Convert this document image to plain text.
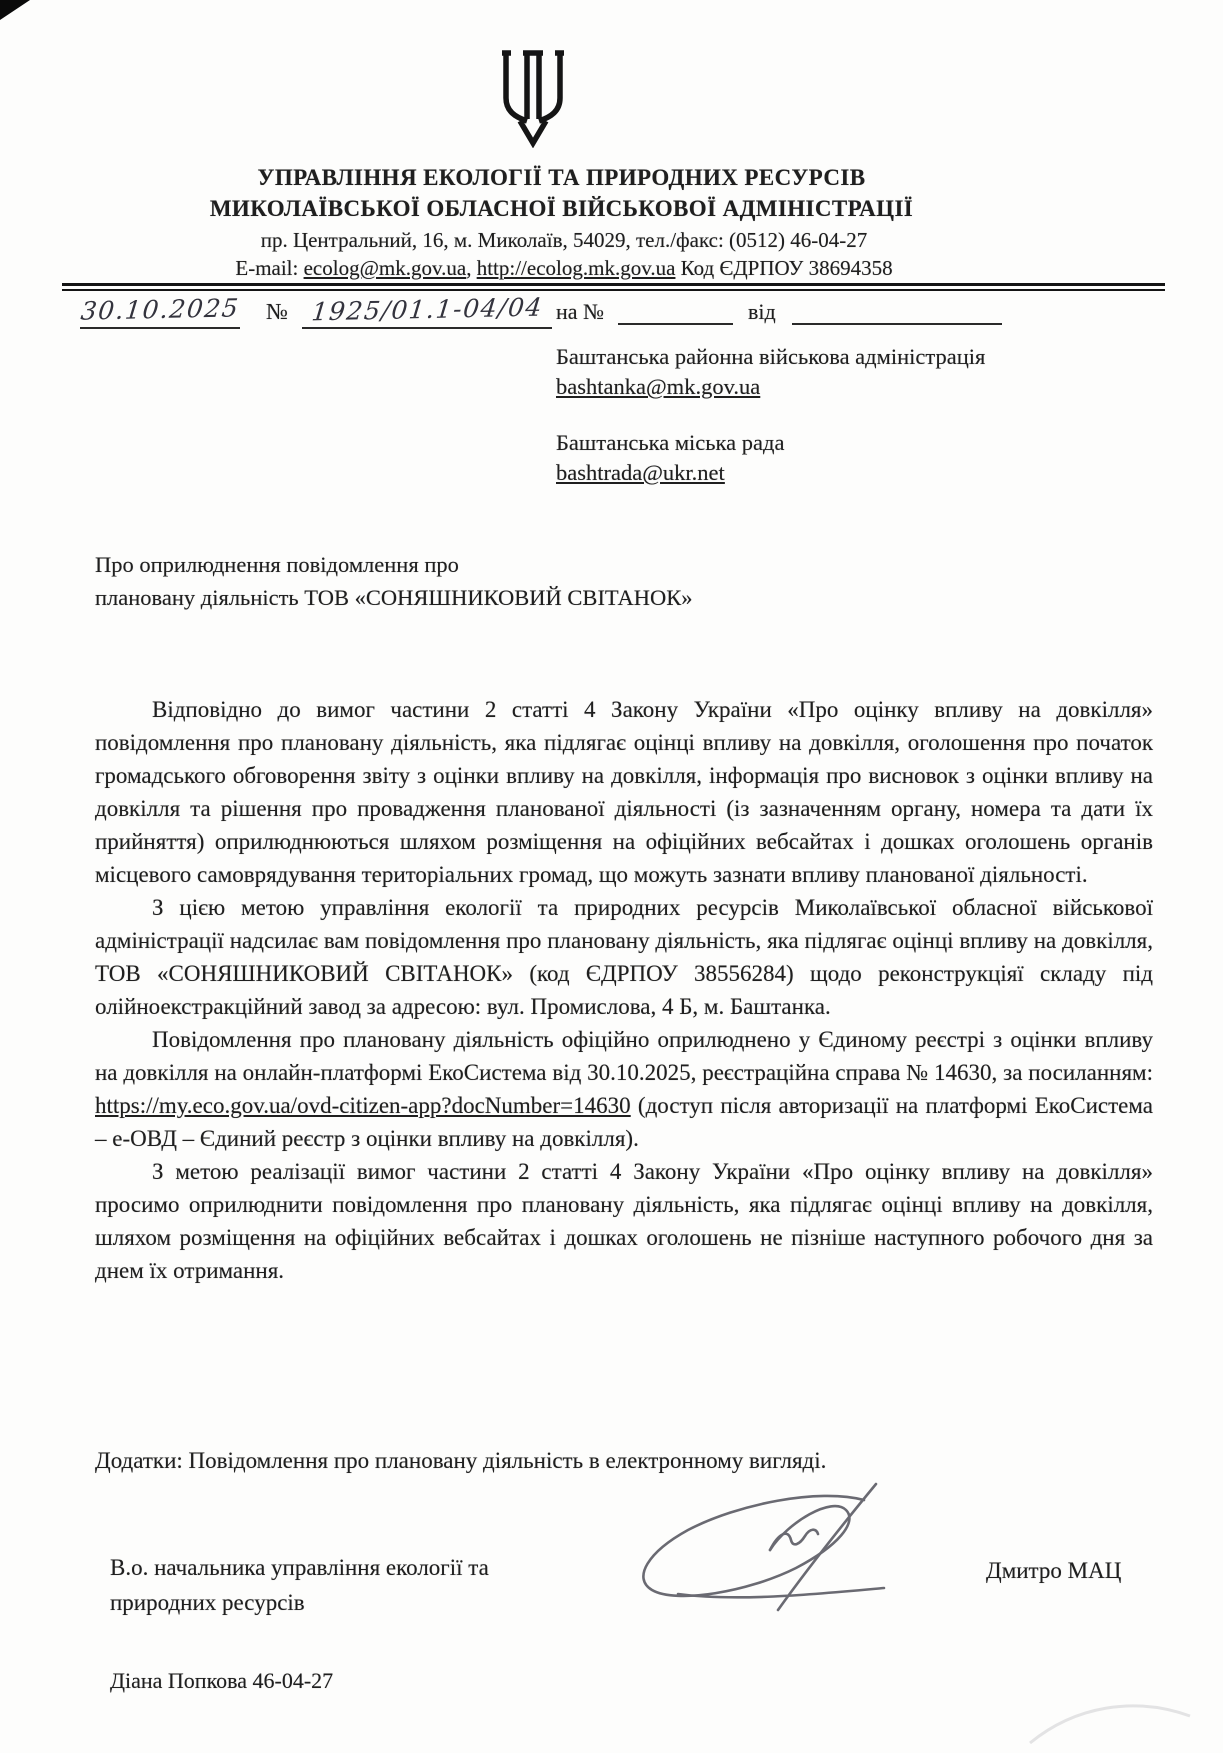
УПРАВЛІННЯ ЕКОЛОГІЇ ТА ПРИРОДНИХ РЕСУРСІВ
МИКОЛАЇВСЬКОЇ ОБЛАСНОЇ ВІЙСЬКОВОЇ АДМІНІСТРАЦІЇ
пр. Центральний, 16, м. Миколаїв, 54029, тел./факс: (0512) 46-04-27
E-mail: ecolog@mk.gov.ua, http://ecolog.mk.gov.ua Код ЄДРПОУ 38694358
30.10.2025 № 1925/01.1-04/04 на №	від
Баштанська районна військова адміністрація
bashtanka@mk.gov.ua
Баштанська міська рада
bashtrada@ukr.net
Про оприлюднення повідомлення про
плановану діяльність ТОВ «СОНЯШНИКОВИЙ СВІТАНОК»

Відповідно до вимог частини 2 статті 4 Закону України «Про оцінку впливу на довкілля» повідомлення про плановану діяльність, яка підлягає оцінці впливу на довкілля, оголошення про початок громадського обговорення звіту з оцінки впливу на довкілля, інформація про висновок з оцінки впливу на довкілля та рішення про провадження планованої діяльності (із зазначенням органу, номера та дати їх прийняття) оприлюднюються шляхом розміщення на офіційних вебсайтах і дошках оголошень органів місцевого самоврядування територіальних громад, що можуть зазнати впливу планованої діяльності.

З цією метою управління екології та природних ресурсів Миколаївської обласної військової адміністрації надсилає вам повідомлення про плановану діяльність, яка підлягає оцінці впливу на довкілля, ТОВ «СОНЯШНИКОВИЙ СВІТАНОК» (код ЄДРПОУ 38556284) щодо реконструкціяї складу під олійноекстракційний завод за адресою: вул. Промислова, 4 Б, м. Баштанка.

Повідомлення про плановану діяльність офіційно оприлюднено у Єдиному реєстрі з оцінки впливу на довкілля на онлайн-платформі ЕкоСистема від 30.10.2025, реєстраційна справа № 14630, за посиланням: https://my.eco.gov.ua/ovd-citizen-app?docNumber=14630 (доступ після авторизації на платформі ЕкоСистема – е-ОВД – Єдиний реєстр з оцінки впливу на довкілля).

З метою реалізації вимог частини 2 статті 4 Закону України «Про оцінку впливу на довкілля» просимо оприлюднити повідомлення про плановану діяльність, яка підлягає оцінці впливу на довкілля, шляхом розміщення на офіційних вебсайтах і дошках оголошень не пізніше наступного робочого дня за днем їх отримання.

Додатки: Повідомлення про плановану діяльність в електронному вигляді.
В.о. начальника управління екології та
природних ресурсів
Дмитро МАЦ
Діана Попкова 46-04-27
